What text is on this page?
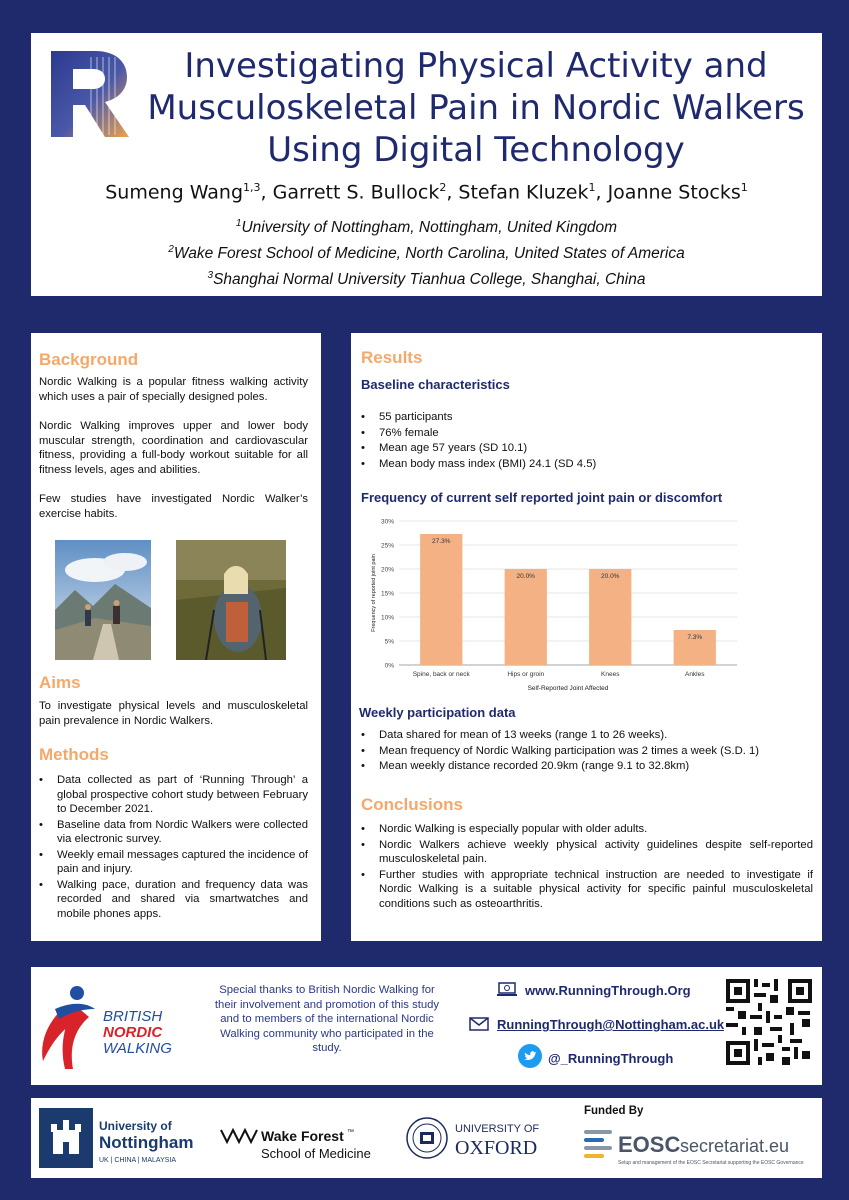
R
Investigating Physical Activity and
Musculoskeletal Pain in Nordic Walkers
Using Digital Technology
Sumeng Wang$^{1,3}$, Garrett S. Bullock$^2$, Stefan Kluzek$^1$, Joanne Stocks$^1$
$^1$University of Nottingham, Nottingham, United Kingdom
$^2$Wake Forest School of Medicine, North Carolina, United States of America
$^3$Shanghai Normal University Tianhua College, Shanghai, China
Background
Nordic Walking is a popular fitness walking activity which uses a pair of specially designed poles.
Nordic Walking improves upper and lower body muscular strength, coordination and cardiovascular fitness, providing a full-body workout suitable for all fitness levels, ages and abilities.
Few studies have investigated Nordic Walker’s exercise habits.
Aims
To investigate physical levels and musculoskeletal pain prevalence in Nordic Walkers.
Methods
• Data collected as part of ‘Running Through’ a global prospective cohort study between February to December 2021.
• Baseline data from Nordic Walkers were collected via electronic survey.
• Weekly email messages captured the incidence of pain and injury.
• Walking pace, duration and frequency data was recorded and shared via smartwatches and mobile phones apps.
Results
Baseline characteristics
• 55 participants
• 76% female
• Mean age 57 years (SD 10.1)
• Mean body mass index (BMI) 24.1 (SD 4.5)
Frequency of current self reported joint pain or discomfort
0%
5%
10%
15%
20%
25%
30%
27.3%
Spine, back or neck
20.0%
Hips or groin
20.0%
Knees
7.3%
Ankles
Self-Reported Joint Affected
Frequency of reported joint pain
Weekly participation data
• Data shared for mean of 13 weeks (range 1 to 26 weeks).
• Mean frequency of Nordic Walking participation was 2 times a week (S.D. 1)
• Mean weekly distance recorded 20.9km (range 9.1 to 32.8km)
Conclusions
• Nordic Walking is especially popular with older adults.
• Nordic Walkers achieve weekly physical activity guidelines despite self-reported musculoskeletal pain.
• Further studies with appropriate technical instruction are needed to investigate if Nordic Walking is a suitable physical activity for specific painful musculoskeletal conditions such as osteoarthritis.
BRITISH
NORDIC
WALKING
Special thanks to British Nordic Walking for their involvement and promotion of this study and to members of the international Nordic Walking community who participated in the study.
www.RunningThrough.Org
RunningThrough@Nottingham.ac.uk
@_RunningThrough
Funded By
University of
Nottingham
UK | CHINA | MALAYSIA
Wake Forest ™
School of Medicine
UNIVERSITY OF
OXFORD	EOSC secretariat.eu
Setup and management of the EOSC Secretariat supporting the EOSC Governance
